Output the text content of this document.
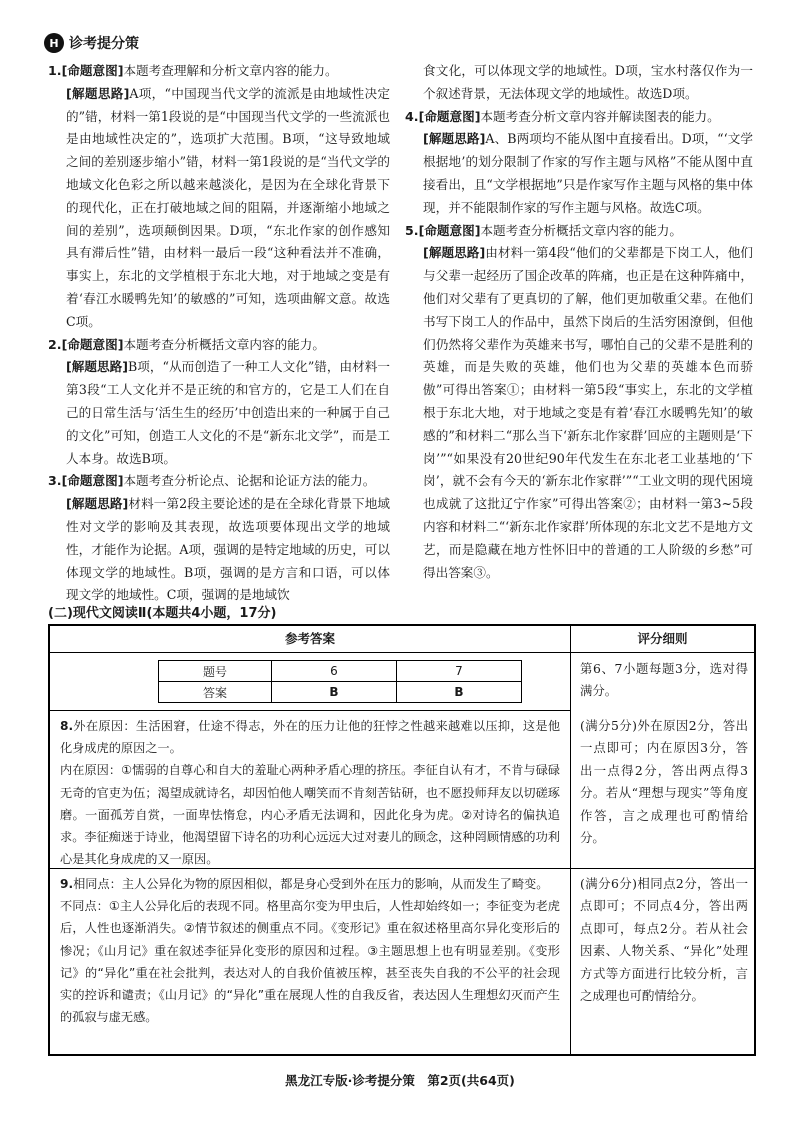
H 诊考提分策

1.[命题意图]本题考查理解和分析文章内容的能力。

[解题思路]A项，“中国现当代文学的流派是由地域性决定的”错，材料一第1段说的是“中国现当代文学的一些流派也是由地域性决定的”，选项扩大范围。B项，“这导致地域之间的差别逐步缩小”错，材料一第1段说的是“当代文学的地域文化色彩之所以越来越淡化，是因为在全球化背景下的现代化，正在打破地域之间的阻隔，并逐渐缩小地域之间的差别”，选项颠倒因果。D项，“东北作家的创作感知具有滞后性”错，由材料一最后一段“这种看法并不准确，事实上，东北的文学植根于东北大地，对于地域之变是有着‘春江水暖鸭先知’的敏感的”可知，选项曲解文意。故选C项。

2.[命题意图]本题考查分析概括文章内容的能力。

[解题思路]B项，“从而创造了一种工人文化”错，由材料一第3段“工人文化并不是正统的和官方的，它是工人们在自己的日常生活与‘活生生的经历’中创造出来的一种属于自己的文化”可知，创造工人文化的不是“新东北文学”，而是工人本身。故选B项。

3.[命题意图]本题考查分析论点、论据和论证方法的能力。

[解题思路]材料一第2段主要论述的是在全球化背景下地域性对文学的影响及其表现，故选项要体现出文学的地域性，才能作为论据。A项，强调的是特定地域的历史，可以体现文学的地域性。B项，强调的是方言和口语，可以体现文学的地域性。C项，强调的是地域饮

食文化，可以体现文学的地域性。D项，宝水村落仅作为一个叙述背景，无法体现文学的地域性。故选D项。

4.[命题意图]本题考查分析文章内容并解读图表的能力。

[解题思路]A、B两项均不能从图中直接看出。D项，“‘文学根据地’的划分限制了作家的写作主题与风格”不能从图中直接看出，且“文学根据地”只是作家写作主题与风格的集中体现，并不能限制作家的写作主题与风格。故选C项。

5.[命题意图]本题考查分析概括文章内容的能力。

[解题思路]由材料一第4段“他们的父辈都是下岗工人，他们与父辈一起经历了国企改革的阵痛，也正是在这种阵痛中，他们对父辈有了更真切的了解，他们更加敬重父辈。在他们书写下岗工人的作品中，虽然下岗后的生活穷困潦倒，但他们仍然将父辈作为英雄来书写，哪怕自己的父辈不是胜利的英雄，而是失败的英雄，他们也为父辈的英雄本色而骄傲”可得出答案①；由材料一第5段“事实上，东北的文学植根于东北大地，对于地域之变是有着‘春江水暖鸭先知’的敏感的”和材料二“那么当下‘新东北作家群’回应的主题则是‘下岗’”“如果没有20世纪90年代发生在东北老工业基地的‘下岗’，就不会有今天的‘新东北作家群’”“工业文明的现代困境也成就了这批辽宁作家”可得出答案②；由材料一第3~5段内容和材料二“‘新东北作家群’所体现的东北文艺不是地方文艺，而是隐藏在地方性怀旧中的普通的工人阶级的乡愁”可得出答案③。

(二)现代文阅读Ⅱ(本题共4小题，17分)
参考答案	评分细则
题号	6	7
答案	B	B
第6、7小题每题3分，选对得满分。
8.外在原因：生活困窘，仕途不得志，外在的压力让他的狂悖之性越来越难以压抑，这是他化身成虎的原因之一。
内在原因：①懦弱的自尊心和自大的羞耻心两种矛盾心理的挤压。李征自认有才，不肯与碌碌无奇的官吏为伍；渴望成就诗名，却因怕他人嘲笑而不肯刻苦钻研，也不愿投师拜友以切磋琢磨。一面孤芳自赏，一面卑怯惰怠，内心矛盾无法调和，因此化身为虎。②对诗名的偏执追求。李征痴迷于诗业，他渴望留下诗名的功利心远远大过对妻儿的顾念，这种罔顾情感的功利心是其化身成虎的又一原因。
(满分5分)外在原因2分，答出一点即可；内在原因3分，答出一点得2分，答出两点得3分。若从“理想与现实”等角度作答，言之成理也可酌情给分。
9.相同点：主人公异化为物的原因相似，都是身心受到外在压力的影响，从而发生了畸变。
不同点：①主人公异化后的表现不同。格里高尔变为甲虫后，人性却始终如一；李征变为老虎后，人性也逐渐消失。②情节叙述的侧重点不同。《变形记》重在叙述格里高尔异化变形后的惨况；《山月记》重在叙述李征异化变形的原因和过程。③主题思想上也有明显差别。《变形记》的“异化”重在社会批判，表达对人的自我价值被压榨，甚至丧失自我的不公平的社会现实的控诉和谴责；《山月记》的“异化”重在展现人性的自我反省，表达因人生理想幻灭而产生的孤寂与虚无感。
(满分6分)相同点2分，答出一点即可；不同点4分，答出两点即可，每点2分。若从社会因素、人物关系、“异化”处理方式等方面进行比较分析，言之成理也可酌情给分。
黑龙江专版·诊考提分策　第2页(共64页)
